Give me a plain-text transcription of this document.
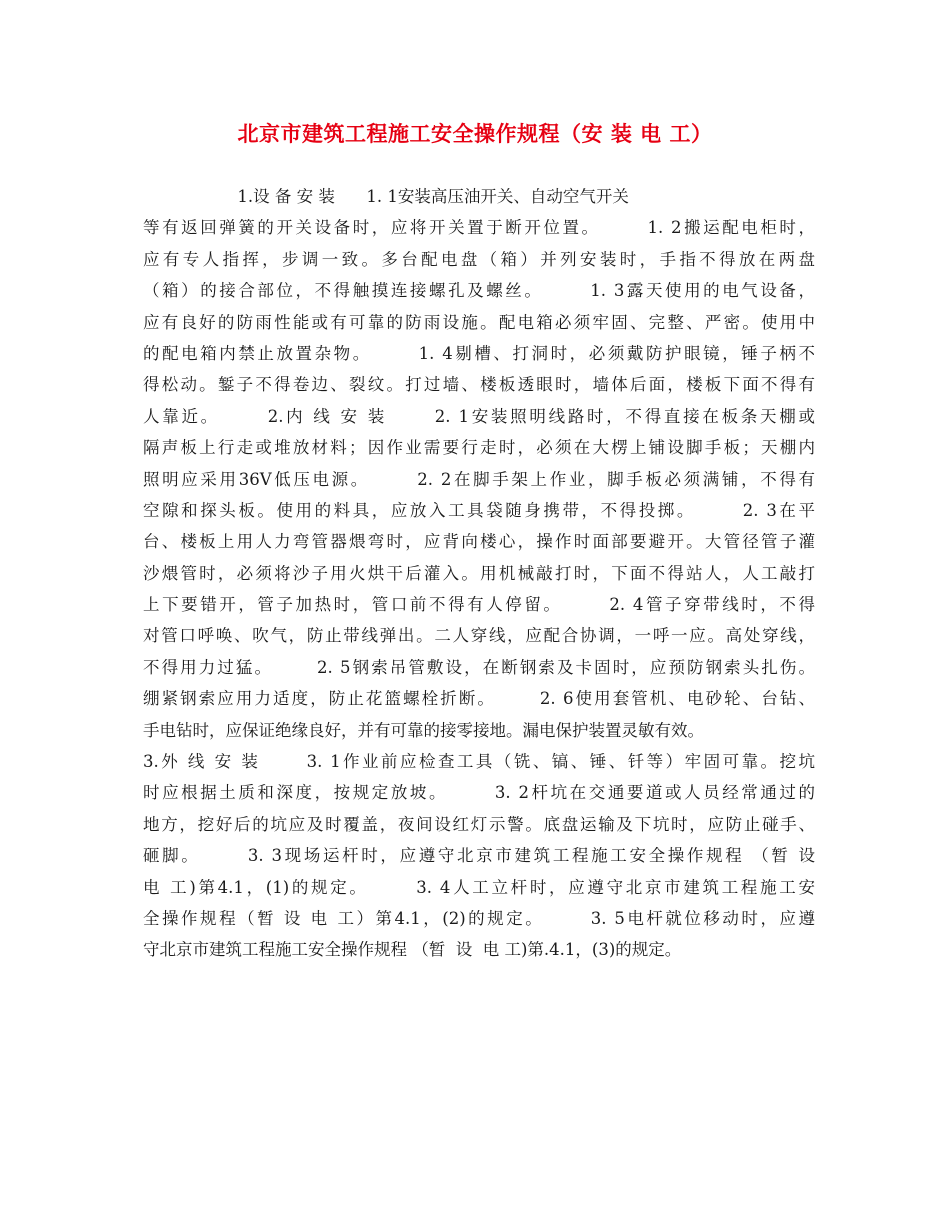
北京市建筑工程施工安全操作规程（安 装 电 工）
1.设 备 安 装      1. 1安装高压油开关、自动空气开关
等有返回弹簧的开关设备时，应将开关置于断开位置。      1. 2搬运配电柜时，
应有专人指挥，步调一致。多台配电盘（箱）并列安装时，手指不得放在两盘
（箱）的接合部位，不得触摸连接螺孔及螺丝。      1. 3露天使用的电气设备，
应有良好的防雨性能或有可靠的防雨设施。配电箱必须牢固、完整、严密。使用中
的配电箱内禁止放置杂物。      1. 4剔槽、打洞时，必须戴防护眼镜，锤子柄不
得松动。錾子不得卷边、裂纹。打过墙、楼板透眼时，墙体后面，楼板下面不得有
人靠近。      2.内 线 安 装      2. 1安装照明线路时，不得直接在板条天棚或
隔声板上行走或堆放材料；因作业需要行走时，必须在大楞上铺设脚手板；天棚内
照明应采用36V低压电源。      2. 2在脚手架上作业，脚手板必须满铺，不得有
空隙和探头板。使用的料具，应放入工具袋随身携带，不得投掷。      2. 3在平
台、楼板上用人力弯管器煨弯时，应背向楼心，操作时面部要避开。大管径管子灌
沙煨管时，必须将沙子用火烘干后灌入。用机械敲打时，下面不得站人，人工敲打
上下要错开，管子加热时，管口前不得有人停留。      2. 4管子穿带线时，不得
对管口呼唤、吹气，防止带线弹出。二人穿线，应配合协调，一呼一应。高处穿线，
不得用力过猛。      2. 5钢索吊管敷设，在断钢索及卡固时，应预防钢索头扎伤。
绷紧钢索应用力适度，防止花篮螺栓折断。      2. 6使用套管机、电砂轮、台钻、
手电钻时，应保证绝缘良好，并有可靠的接零接地。漏电保护装置灵敏有效。
3.外 线 安 装      3. 1作业前应检查工具（铣、镐、锤、钎等）牢固可靠。挖坑
时应根据土质和深度，按规定放坡。      3. 2杆坑在交通要道或人员经常通过的
地方，挖好后的坑应及时覆盖，夜间设红灯示警。底盘运输及下坑时，应防止碰手、
砸脚。      3. 3现场运杆时，应遵守北京市建筑工程施工安全操作规程 （暂 设
电 工)第4.1，(1)的规定。      3. 4人工立杆时，应遵守北京市建筑工程施工安
全操作规程（暂 设 电 工）第4.1，(2)的规定。      3. 5电杆就位移动时，应遵
守北京市建筑工程施工安全操作规程 （暂  设  电 工)第.4.1，(3)的规定。
